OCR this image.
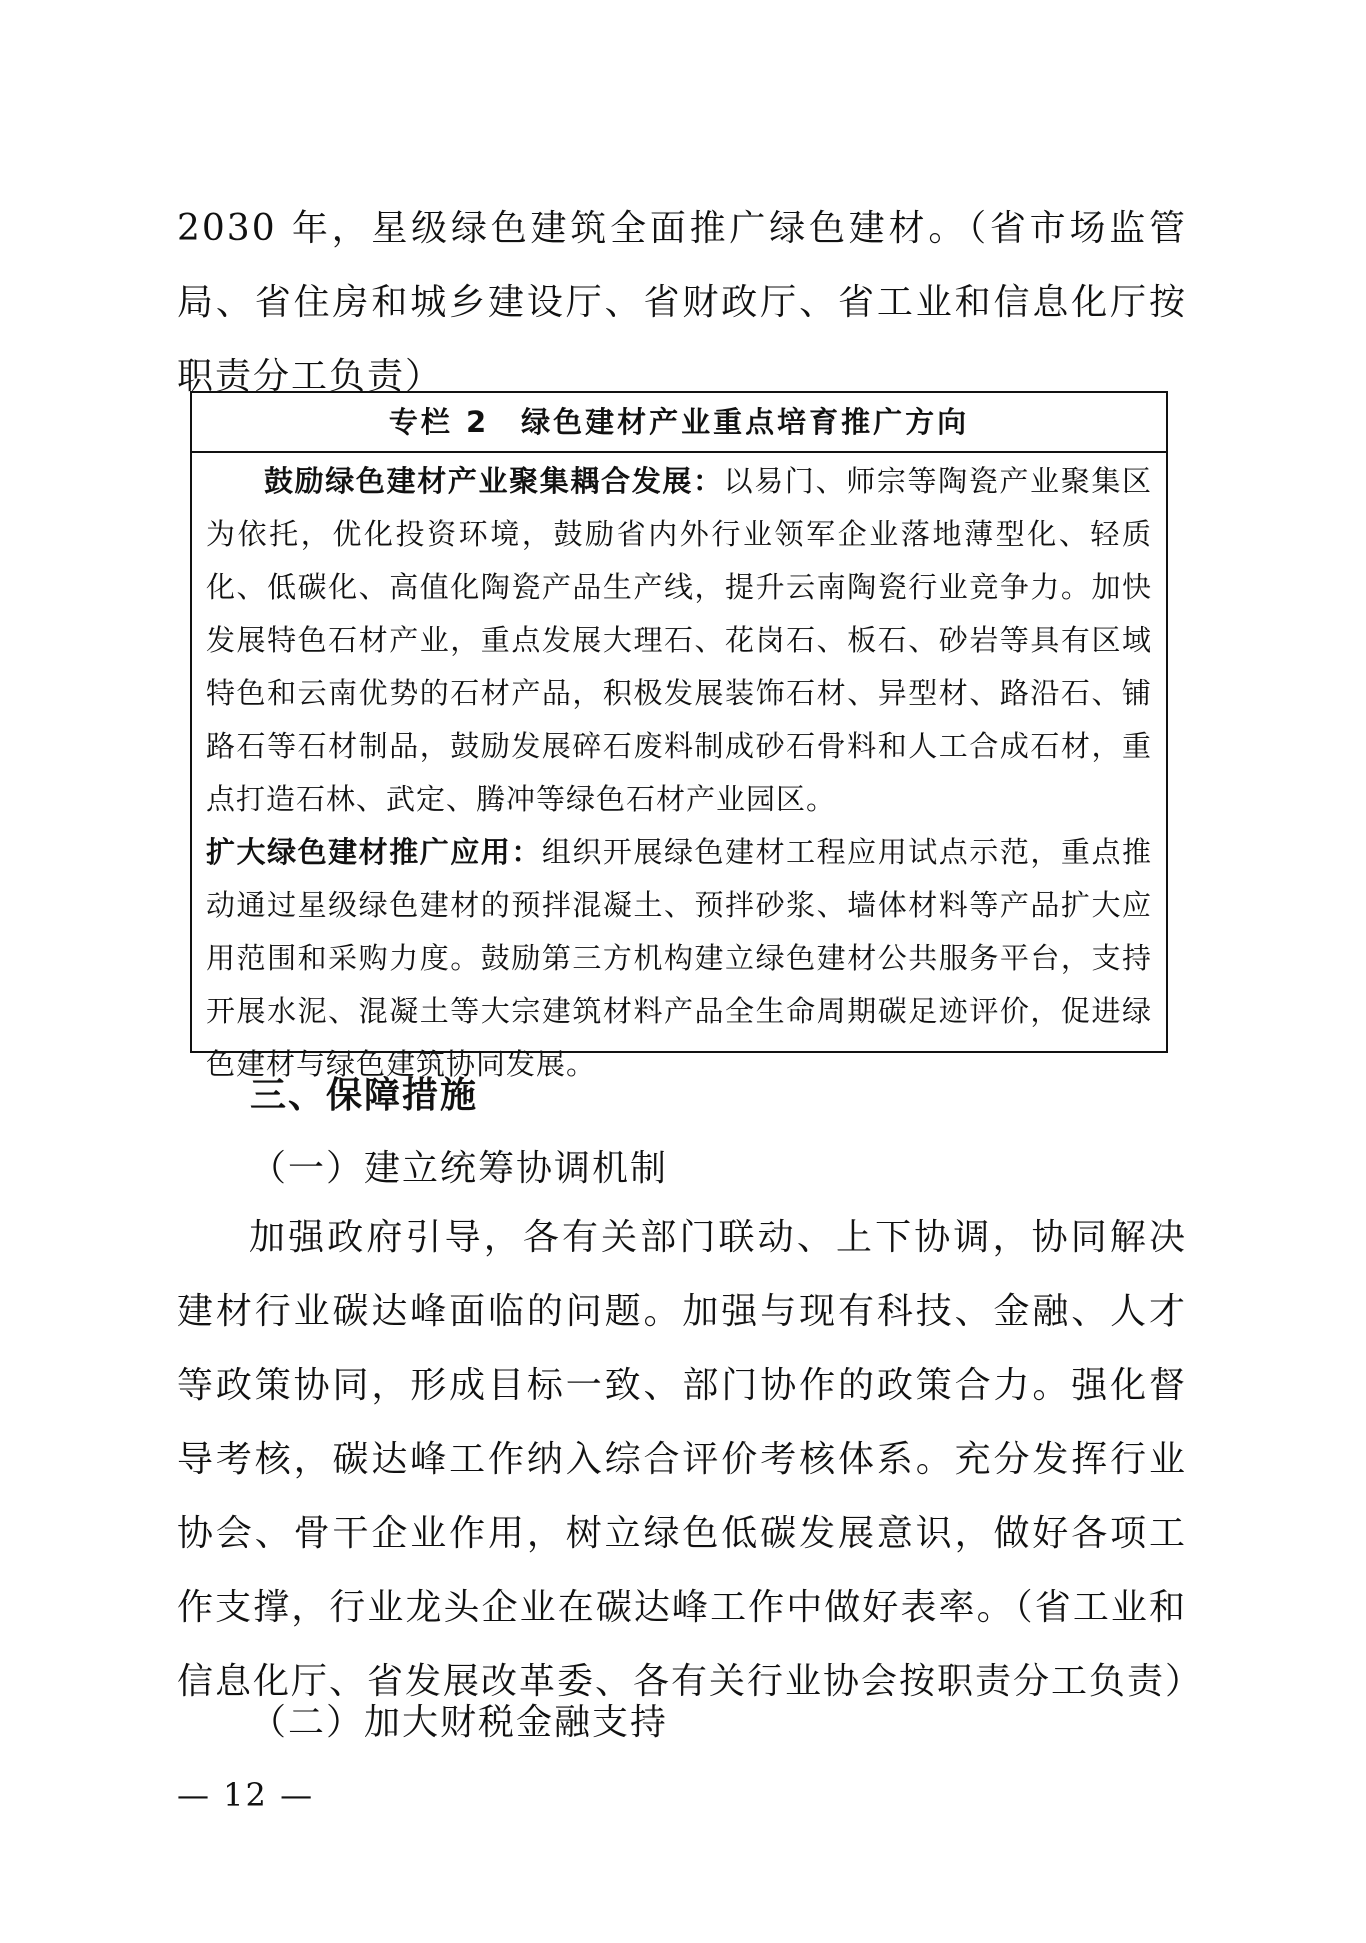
2030 年，星级绿色建筑全面推广绿色建材。（省市场监管局、省住房和城乡建设厅、省财政厅、省工业和信息化厅按职责分工负责）

专栏 2　绿色建材产业重点培育推广方向

鼓励绿色建材产业聚集耦合发展：以易门、师宗等陶瓷产业聚集区为依托，优化投资环境，鼓励省内外行业领军企业落地薄型化、轻质化、低碳化、高值化陶瓷产品生产线，提升云南陶瓷行业竞争力。加快发展特色石材产业，重点发展大理石、花岗石、板石、砂岩等具有区域特色和云南优势的石材产品，积极发展装饰石材、异型材、路沿石、铺路石等石材制品，鼓励发展碎石废料制成砂石骨料和人工合成石材，重点打造石林、武定、腾冲等绿色石材产业园区。

扩大绿色建材推广应用：组织开展绿色建材工程应用试点示范，重点推动通过星级绿色建材的预拌混凝土、预拌砂浆、墙体材料等产品扩大应用范围和采购力度。鼓励第三方机构建立绿色建材公共服务平台，支持开展水泥、混凝土等大宗建筑材料产品全生命周期碳足迹评价，促进绿色建材与绿色建筑协同发展。

三、保障措施
（一）建立统筹协调机制

加强政府引导，各有关部门联动、上下协调，协同解决建材行业碳达峰面临的问题。加强与现有科技、金融、人才等政策协同，形成目标一致、部门协作的政策合力。强化督导考核，碳达峰工作纳入综合评价考核体系。充分发挥行业协会、骨干企业作用，树立绿色低碳发展意识，做好各项工作支撑，行业龙头企业在碳达峰工作中做好表率。（省工业和信息化厅、省发展改革委、各有关行业协会按职责分工负责）

（二）加大财税金融支持
— 12 —
